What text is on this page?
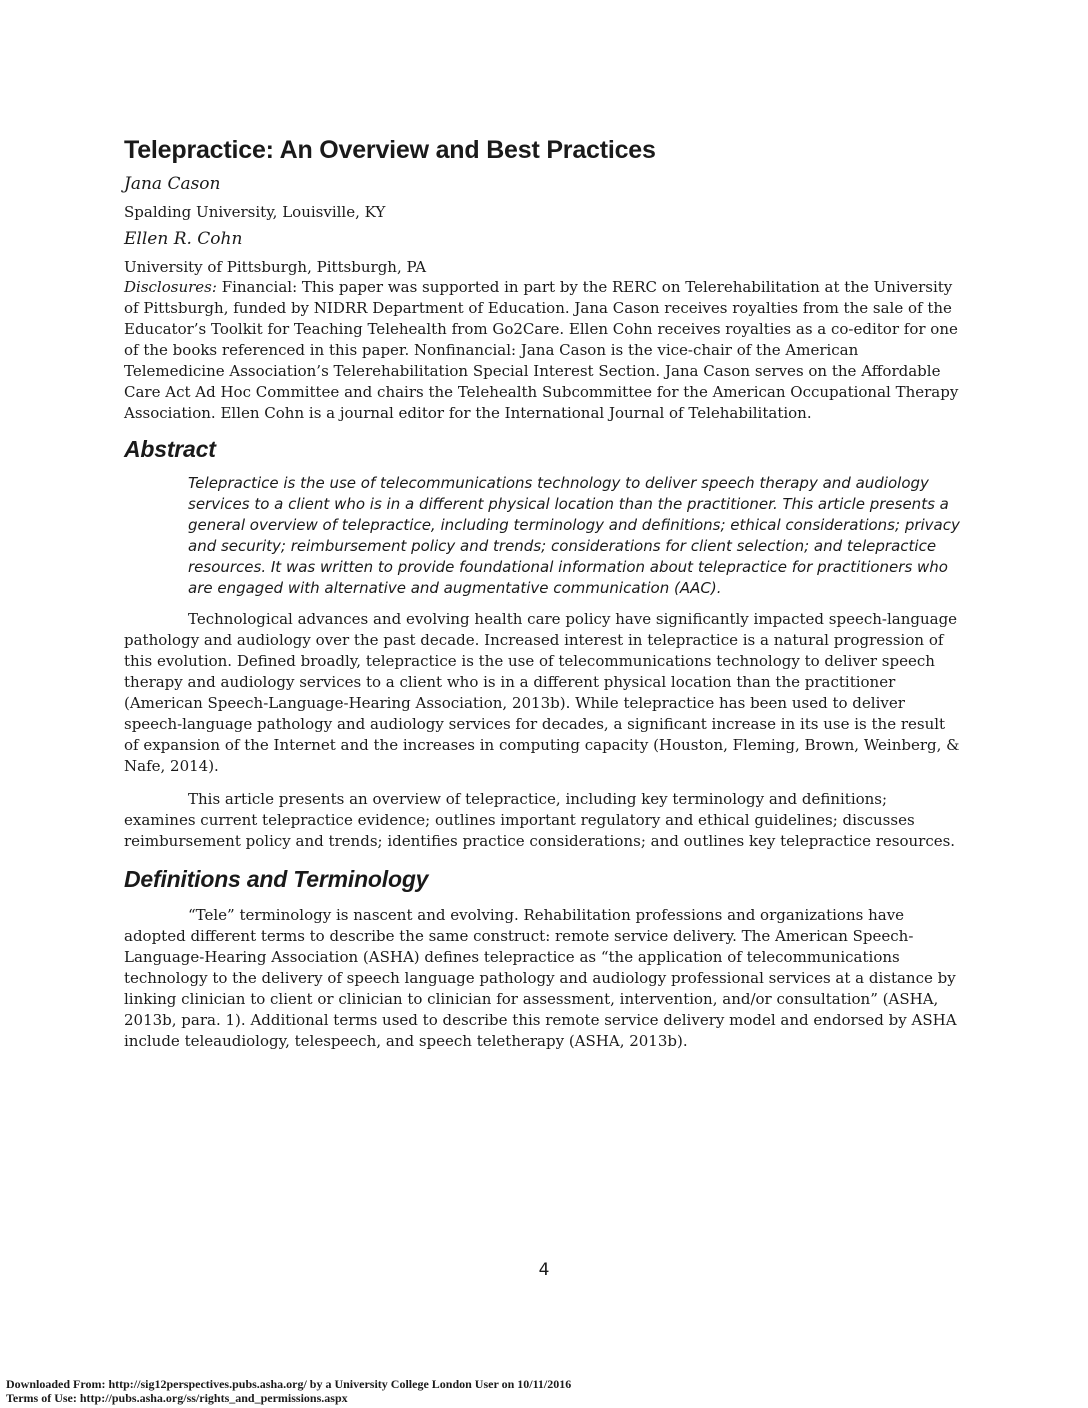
Telepractice: An Overview and Best Practices
Jana Cason
Spalding University, Louisville, KY
Ellen R. Cohn
University of Pittsburgh, Pittsburgh, PA

Disclosures: Financial: This paper was supported in part by the RERC on Telerehabilitation at the University of Pittsburgh, funded by NIDRR Department of Education. Jana Cason receives royalties from the sale of the Educator’s Toolkit for Teaching Telehealth from Go2Care. Ellen Cohn receives royalties as a co-editor for one of the books referenced in this paper. Nonfinancial: Jana Cason is the vice-chair of the American Telemedicine Association’s Telerehabilitation Special Interest Section. Jana Cason serves on the Affordable Care Act Ad Hoc Committee and chairs the Telehealth Subcommittee for the American Occupational Therapy Association. Ellen Cohn is a journal editor for the International Journal of Telehabilitation.

Abstract

Telepractice is the use of telecommunications technology to deliver speech therapy and audiology services to a client who is in a different physical location than the practitioner. This article presents a general overview of telepractice, including terminology and definitions; ethical considerations; privacy and security; reimbursement policy and trends; considerations for client selection; and telepractice resources. It was written to provide foundational information about telepractice for practitioners who are engaged with alternative and augmentative communication (AAC).

Technological advances and evolving health care policy have significantly impacted speech-language pathology and audiology over the past decade. Increased interest in telepractice is a natural progression of this evolution. Defined broadly, telepractice is the use of telecommunications technology to deliver speech therapy and audiology services to a client who is in a different physical location than the practitioner (American Speech-Language-Hearing Association, 2013b). While telepractice has been used to deliver speech-language pathology and audiology services for decades, a significant increase in its use is the result of expansion of the Internet and the increases in computing capacity (Houston, Fleming, Brown, Weinberg, & Nafe, 2014).

This article presents an overview of telepractice, including key terminology and definitions; examines current telepractice evidence; outlines important regulatory and ethical guidelines; discusses reimbursement policy and trends; identifies practice considerations; and outlines key telepractice resources.

Definitions and Terminology

“Tele” terminology is nascent and evolving. Rehabilitation professions and organizations have adopted different terms to describe the same construct: remote service delivery. The American Speech-Language-Hearing Association (ASHA) defines telepractice as “the application of telecommunications technology to the delivery of speech language pathology and audiology professional services at a distance by linking clinician to client or clinician to clinician for assessment, intervention, and/or consultation” (ASHA, 2013b, para. 1). Additional terms used to describe this remote service delivery model and endorsed by ASHA include teleaudiology, telespeech, and speech teletherapy (ASHA, 2013b).

4
Downloaded From: http://sig12perspectives.pubs.asha.org/ by a University College London User on 10/11/2016
Terms of Use: http://pubs.asha.org/ss/rights_and_permissions.aspx
